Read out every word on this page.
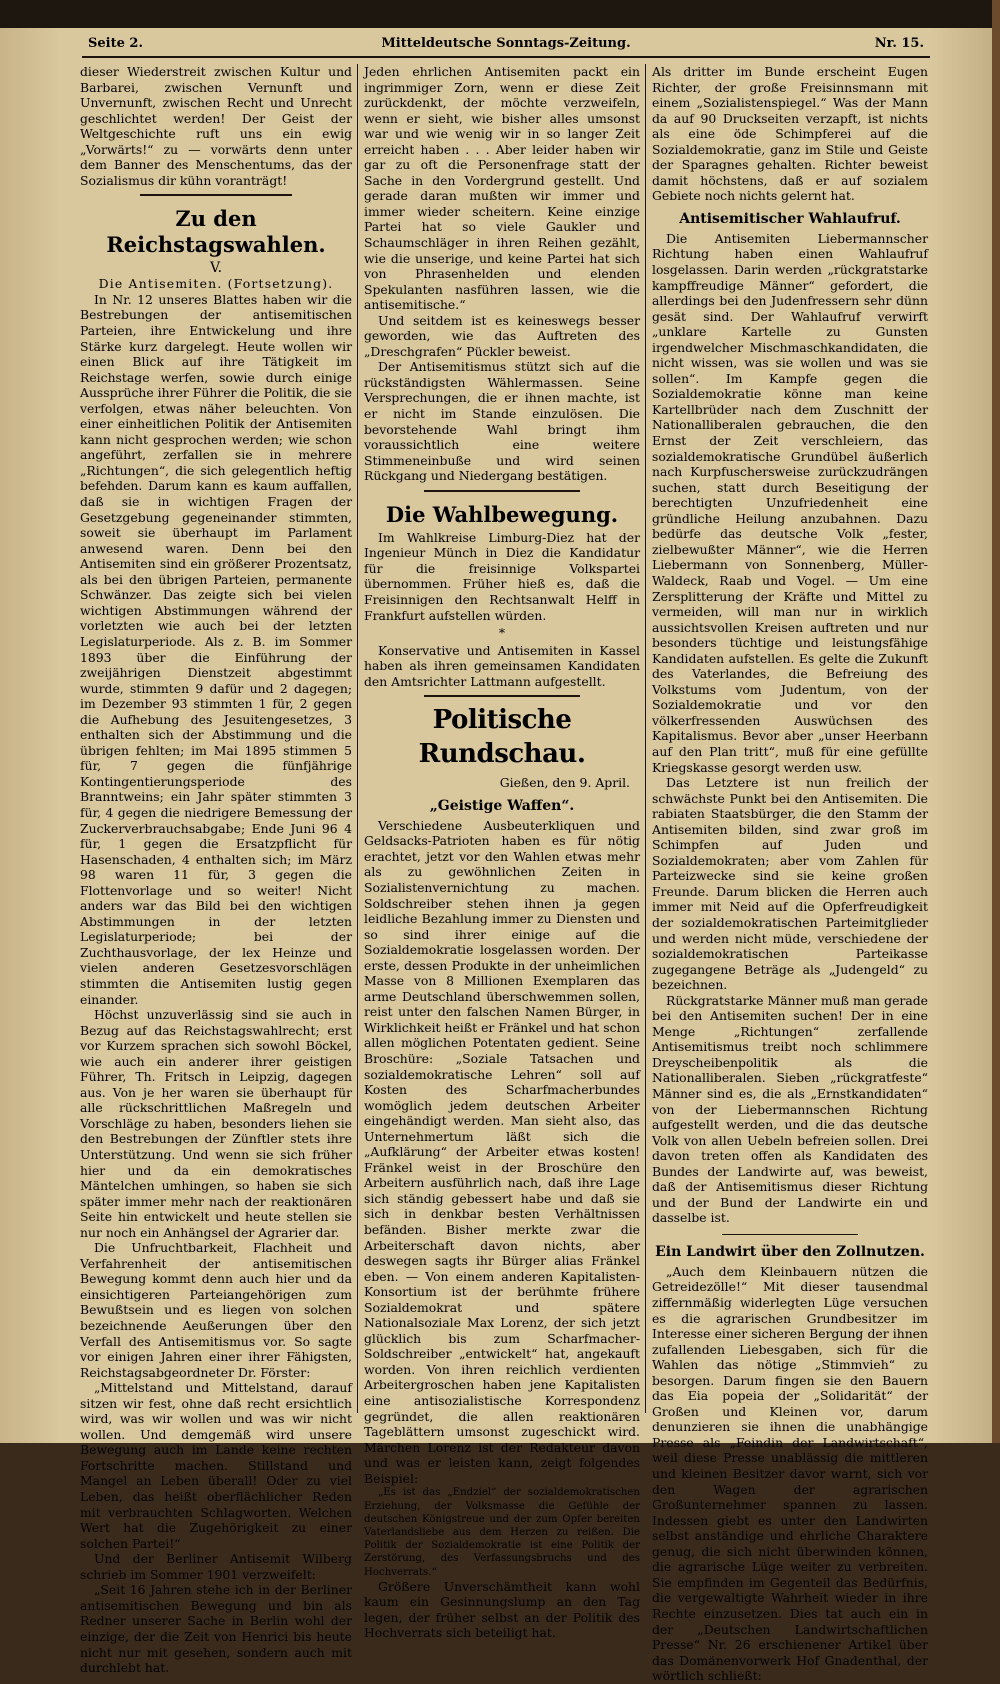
Seite 2.	Mitteldeutsche Sonntags-Zeitung.	Nr. 15.

dieser Wiederstreit zwischen Kultur und Barbarei, zwischen Vernunft und Unvernunft, zwischen Recht und Unrecht geschlichtet werden! Der Geist der Weltgeschichte ruft uns ein ewig „Vorwärts!“ zu — vorwärts denn unter dem Banner des Menschentums, das der Sozialismus dir kühn voranträgt!

Zu den Reichstagswahlen.
V.
Die Antisemiten. (Fortsetzung).

In Nr. 12 unseres Blattes haben wir die Bestrebungen der antisemitischen Parteien, ihre Entwickelung und ihre Stärke kurz dargelegt. Heute wollen wir einen Blick auf ihre Tätigkeit im Reichstage werfen, sowie durch einige Aussprüche ihrer Führer die Politik, die sie verfolgen, etwas näher beleuchten. Von einer einheitlichen Politik der Antisemiten kann nicht gesprochen werden; wie schon angeführt, zerfallen sie in mehrere „Richtungen“, die sich gelegentlich heftig befehden. Darum kann es kaum auffallen, daß sie in wichtigen Fragen der Gesetzgebung gegeneinander stimmten, soweit sie überhaupt im Parlament anwesend waren. Denn bei den Antisemiten sind ein größerer Prozentsatz, als bei den übrigen Parteien, permanente Schwänzer. Das zeigte sich bei vielen wichtigen Abstimmungen während der vorletzten wie auch bei der letzten Legislaturperiode. Als z. B. im Sommer 1893 über die Einführung der zweijährigen Dienstzeit abgestimmt wurde, stimmten 9 dafür und 2 dagegen; im Dezember 93 stimmten 1 für, 2 gegen die Aufhebung des Jesuitengesetzes, 3 enthalten sich der Abstimmung und die übrigen fehlten; im Mai 1895 stimmen 5 für, 7 gegen die fünfjährige Kontingentierungsperiode des Branntweins; ein Jahr später stimmten 3 für, 4 gegen die niedrigere Bemessung der Zuckerverbrauchsabgabe; Ende Juni 96 4 für, 1 gegen die Ersatzpflicht für Hasenschaden, 4 enthalten sich; im März 98 waren 11 für, 3 gegen die Flottenvorlage und so weiter! Nicht anders war das Bild bei den wichtigen Abstimmungen in der letzten Legislaturperiode; bei der Zuchthausvorlage, der lex Heinze und vielen anderen Gesetzesvorschlägen stimmten die Antisemiten lustig gegen einander.

Höchst unzuverlässig sind sie auch in Bezug auf das Reichstagswahlrecht; erst vor Kurzem sprachen sich sowohl Böckel, wie auch ein anderer ihrer geistigen Führer, Th. Fritsch in Leipzig, dagegen aus. Von je her waren sie überhaupt für alle rückschrittlichen Maßregeln und Vorschläge zu haben, besonders liehen sie den Bestrebungen der Zünftler stets ihre Unterstützung. Und wenn sie sich früher hier und da ein demokratisches Mäntelchen umhingen, so haben sie sich später immer mehr nach der reaktionären Seite hin entwickelt und heute stellen sie nur noch ein Anhängsel der Agrarier dar.

Die Unfruchtbarkeit, Flachheit und Verfahrenheit der antisemitischen Bewegung kommt denn auch hier und da einsichtigeren Parteiangehörigen zum Bewußtsein und es liegen von solchen bezeichnende Aeußerungen über den Verfall des Antisemitismus vor. So sagte vor einigen Jahren einer ihrer Fähigsten, Reichstagsabgeordneter Dr. Förster:

„Mittelstand und Mittelstand, darauf sitzen wir fest, ohne daß recht ersichtlich wird, was wir wollen und was wir nicht wollen. Und demgemäß wird unsere Bewegung auch im Lande keine rechten Fortschritte machen. Stillstand und Mangel an Leben überall! Oder zu viel Leben, das heißt oberflächlicher Reden mit verbrauchten Schlagworten. Welchen Wert hat die Zugehörigkeit zu einer solchen Partei!“

Und der Berliner Antisemit Wilberg schrieb im Sommer 1901 verzweifelt:

„Seit 16 Jahren stehe ich in der Berliner antisemitischen Bewegung und bin als Redner unserer Sache in Berlin wohl der einzige, der die Zeit von Henrici bis heute nicht nur mit gesehen, sondern auch mit durchlebt hat.

Jeden ehrlichen Antisemiten packt ein ingrimmiger Zorn, wenn er diese Zeit zurückdenkt, der möchte verzweifeln, wenn er sieht, wie bisher alles umsonst war und wie wenig wir in so langer Zeit erreicht haben . . . Aber leider haben wir gar zu oft die Personenfrage statt der Sache in den Vordergrund gestellt. Und gerade daran mußten wir immer und immer wieder scheitern. Keine einzige Partei hat so viele Gaukler und Schaumschläger in ihren Reihen gezählt, wie die unserige, und keine Partei hat sich von Phrasenhelden und elenden Spekulanten nasführen lassen, wie die antisemitische.“

Und seitdem ist es keineswegs besser geworden, wie das Auftreten des „Dreschgrafen“ Pückler beweist.

Der Antisemitismus stützt sich auf die rückständigsten Wählermassen. Seine Versprechungen, die er ihnen machte, ist er nicht im Stande einzulösen. Die bevorstehende Wahl bringt ihm voraussichtlich eine weitere Stimmeneinbuße und wird seinen Rückgang und Niedergang bestätigen.

Die Wahlbewegung.

Im Wahlkreise Limburg-Diez hat der Ingenieur Münch in Diez die Kandidatur für die freisinnige Volkspartei übernommen. Früher hieß es, daß die Freisinnigen den Rechtsanwalt Helff in Frankfurt aufstellen würden.

*

Konservative und Antisemiten in Kassel haben als ihren gemeinsamen Kandidaten den Amtsrichter Lattmann aufgestellt.

Politische Rundschau.
Gießen, den 9. April.
„Geistige Waffen“.

Verschiedene Ausbeuterkliquen und Geldsacks-Patrioten haben es für nötig erachtet, jetzt vor den Wahlen etwas mehr als zu gewöhnlichen Zeiten in Sozialistenvernichtung zu machen. Soldschreiber stehen ihnen ja gegen leidliche Bezahlung immer zu Diensten und so sind ihrer einige auf die Sozialdemokratie losgelassen worden. Der erste, dessen Produkte in der unheimlichen Masse von 8 Millionen Exemplaren das arme Deutschland überschwemmen sollen, reist unter den falschen Namen Bürger, in Wirklichkeit heißt er Fränkel und hat schon allen möglichen Potentaten gedient. Seine Broschüre: „Soziale Tatsachen und sozialdemokratische Lehren“ soll auf Kosten des Scharfmacherbundes womöglich jedem deutschen Arbeiter eingehändigt werden. Man sieht also, das Unternehmertum läßt sich die „Aufklärung“ der Arbeiter etwas kosten! Fränkel weist in der Broschüre den Arbeitern ausführlich nach, daß ihre Lage sich ständig gebessert habe und daß sie sich in denkbar besten Verhältnissen befänden. Bisher merkte zwar die Arbeiterschaft davon nichts, aber deswegen sagts ihr Bürger alias Fränkel eben. — Von einem anderen Kapitalisten-Konsortium ist der berühmte frühere Sozialdemokrat und spätere Nationalsoziale Max Lorenz, der sich jetzt glücklich bis zum Scharfmacher-Soldschreiber „entwickelt“ hat, angekauft worden. Von ihren reichlich verdienten Arbeitergroschen haben jene Kapitalisten eine antisozialistische Korrespondenz gegründet, die allen reaktionären Tageblättern umsonst zugeschickt wird. Märchen Lorenz ist der Redakteur davon und was er leisten kann, zeigt folgendes Beispiel:

„Es ist das „Endziel“ der sozialdemokratischen Erziehung, der Volksmasse die Gefühle der deutschen Königstreue und der zum Opfer bereiten Vaterlandsliebe aus dem Herzen zu reißen. Die Politik der Sozialdemokratie ist eine Politik der Zerstörung, des Verfassungsbruchs und des Hochverrats.“

Größere Unverschämtheit kann wohl kaum ein Gesinnungslump an den Tag legen, der früher selbst an der Politik des Hochverrats sich beteiligt hat.

Als dritter im Bunde erscheint Eugen Richter, der große Freisinnsmann mit einem „Sozialistenspiegel.“ Was der Mann da auf 90 Druckseiten verzapft, ist nichts als eine öde Schimpferei auf die Sozialdemokratie, ganz im Stile und Geiste der Sparagnes gehalten. Richter beweist damit höchstens, daß er auf sozialem Gebiete noch nichts gelernt hat.

Antisemitischer Wahlaufruf.

Die Antisemiten Liebermannscher Richtung haben einen Wahlaufruf losgelassen. Darin werden „rückgratstarke kampffreudige Männer“ gefordert, die allerdings bei den Judenfressern sehr dünn gesät sind. Der Wahlaufruf verwirft „unklare Kartelle zu Gunsten irgendwelcher Mischmaschkandidaten, die nicht wissen, was sie wollen und was sie sollen“. Im Kampfe gegen die Sozialdemokratie könne man keine Kartellbrüder nach dem Zuschnitt der Nationalliberalen gebrauchen, die den Ernst der Zeit verschleiern, das sozialdemokratische Grundübel äußerlich nach Kurpfuschersweise zurückzudrängen suchen, statt durch Beseitigung der berechtigten Unzufriedenheit eine gründliche Heilung anzubahnen. Dazu bedürfe das deutsche Volk „fester, zielbewußter Männer“, wie die Herren Liebermann von Sonnenberg, Müller-Waldeck, Raab und Vogel. — Um eine Zersplitterung der Kräfte und Mittel zu vermeiden, will man nur in wirklich aussichtsvollen Kreisen auftreten und nur besonders tüchtige und leistungsfähige Kandidaten aufstellen. Es gelte die Zukunft des Vaterlandes, die Befreiung des Volkstums vom Judentum, von der Sozialdemokratie und vor den völkerfressenden Auswüchsen des Kapitalismus. Bevor aber „unser Heerbann auf den Plan tritt“, muß für eine gefüllte Kriegskasse gesorgt werden usw.

Das Letztere ist nun freilich der schwächste Punkt bei den Antisemiten. Die rabiaten Staatsbürger, die den Stamm der Antisemiten bilden, sind zwar groß im Schimpfen auf Juden und Sozialdemokraten; aber vom Zahlen für Parteizwecke sind sie keine großen Freunde. Darum blicken die Herren auch immer mit Neid auf die Opferfreudigkeit der sozialdemokratischen Parteimitglieder und werden nicht müde, verschiedene der sozialdemokratischen Parteikasse zugegangene Beträge als „Judengeld“ zu bezeichnen.

Rückgratstarke Männer muß man gerade bei den Antisemiten suchen! Der in eine Menge „Richtungen“ zerfallende Antisemitismus treibt noch schlimmere Dreyscheibenpolitik als die Nationalliberalen. Sieben „rückgratfeste“ Männer sind es, die als „Ernstkandidaten“ von der Liebermannschen Richtung aufgestellt werden, und die das deutsche Volk von allen Uebeln befreien sollen. Drei davon treten offen als Kandidaten des Bundes der Landwirte auf, was beweist, daß der Antisemitismus dieser Richtung und der Bund der Landwirte ein und dasselbe ist.

Ein Landwirt über den Zollnutzen.

„Auch dem Kleinbauern nützen die Getreidezölle!“ Mit dieser tausendmal ziffernmäßig widerlegten Lüge versuchen es die agrarischen Grundbesitzer im Interesse einer sicheren Bergung der ihnen zufallenden Liebesgaben, sich für die Wahlen das nötige „Stimmvieh“ zu besorgen. Darum fingen sie den Bauern das Eia popeia der „Solidarität“ der Großen und Kleinen vor, darum denunzieren sie ihnen die unabhängige Presse als „Feindin der Landwirtschaft“, weil diese Presse unablässig die mittleren und kleinen Besitzer davor warnt, sich vor den Wagen der agrarischen Großunternehmer spannen zu lassen. Indessen giebt es unter den Landwirten selbst anständige und ehrliche Charaktere genug, die sich nicht überwinden können, die agrarische Lüge weiter zu verbreiten. Sie empfinden im Gegenteil das Bedürfnis, die vergewaltigte Wahrheit wieder in ihre Rechte einzusetzen. Dies tat auch ein in der „Deutschen Landwirtschaftlichen Presse“ Nr. 26 erschienener Artikel über das Domänenvorwerk Hof Gnadenthal, der wörtlich schließt:
